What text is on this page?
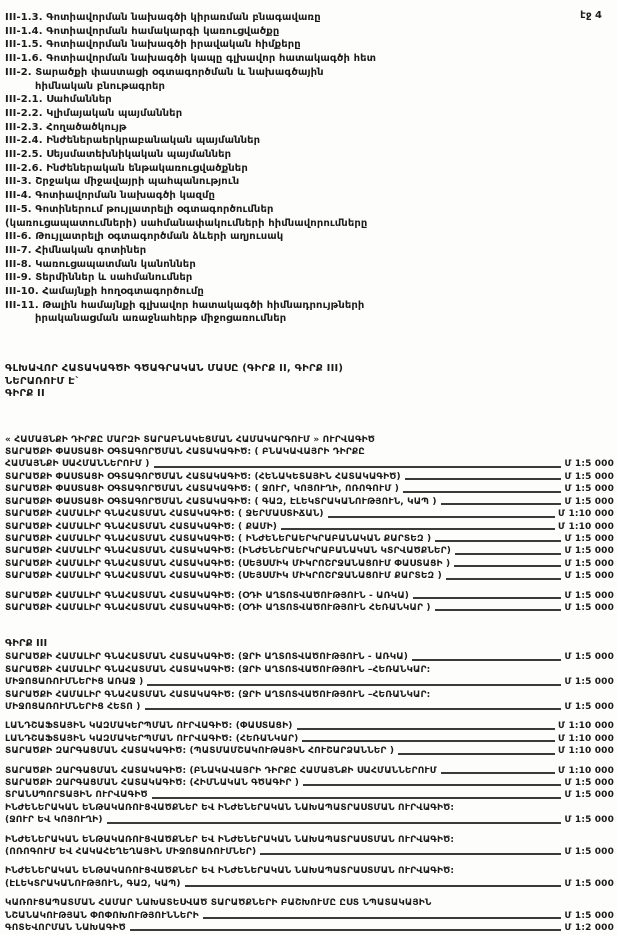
էջ 4
III-1.3. Գոտիավորման նախագծի կիրառման բնագավառը
III-1.4. Գոտիավորման համակարգի կառուցվածքը
III-1.5. Գոտիավորման նախագծի իրավական հիմքերը
III-1.6. Գոտիավորման նախագծի կապը գլխավոր հատակագծի հետ
III-2. Տարածքի փաստացի օգտագործման և նախագծային
հիմնական բնութագրեր
III-2.1. Սահմաններ
III-2.2. Կլիմայական պայմաններ
III-2.3. Հողածածկույթ
III-2.4. Ինժեներաերկրաբանական պայմաններ
III-2.5. Սեյսմատեխնիկական պայմաններ
III-2.6. Ինժեներական ենթակառուցվածքներ
III-3. Շրջակա միջավայրի պահպանություն
III-4. Գոտիավորման նախագծի կազմը
III-5. Գոտիներում թույլատրելի օգտագործումներ
(կառուցապատումների) սահմանափակումների հիմնավորումները
III-6. Թույլատրելի օգտագործման ձևերի աղյուսակ
III-7. Հիմնական գոտիներ
III-8. Կառուցապատման կանոններ
III-9. Տերմիններ և սահմանումներ
III-10. Համայնքի հողօգտագործումը
III-11. Թալին համայնքի գլխավոր հատակագծի հիմնադրույթների
իրականացման առաջնահերթ միջոցառումներ
ԳԼԽԱՎՈՐ ՀԱՏԱԿԱԳԾԻ ԳԾԱԳՐԱԿԱՆ ՄԱՍԸ (ԳԻՐՔ II, ԳԻՐՔ III)
ՆԵՐԱՌՈՒՄ Է`
ԳԻՐՔ II
« ՀԱՄԱՅՆՔԻ ԴԻՐՔԸ ՄԱՐԶԻ ՏԱՐԱԲՆԱԿԵՑՄԱՆ ՀԱՄԱԿԱՐԳՈՒՄ » ՈՒՐՎԱԳԻԾ
ՏԱՐԱԾՔԻ ՓԱՍՏԱՑԻ ՕԳՏԱԳՈՐԾՄԱՆ ՀԱՏԱԿԱԳԻԾ: ( ԲՆԱԿԱՎԱՅՐԻ ԴԻՐՔԸ
ՀԱՄԱՅՆՔԻ ՍԱՀՄԱՆՆԵՐՈՒՄ )	Մ 1:5 000
ՏԱՐԱԾՔԻ ՓԱՍՏԱՑԻ ՕԳՏԱԳՈՐԾՄԱՆ ՀԱՏԱԿԱԳԻԾ: (ՀԵՆԱԿԵՏԱՅԻՆ ՀԱՏԱԿԱԳԻԾ)	Մ 1:5 000
ՏԱՐԱԾՔԻ ՓԱՍՏԱՑԻ ՕԳՏԱԳՈՐԾՄԱՆ ՀԱՏԱԿԱԳԻԾ: ( ՋՈՒՐ, ԿՈՅՈՒՂԻ, ՈՌՈԳՈՒՄ )	Մ 1:5 000
ՏԱՐԱԾՔԻ ՓԱՍՏԱՑԻ ՕԳՏԱԳՈՐԾՄԱՆ ՀԱՏԱԿԱԳԻԾ: ( ԳԱԶ, ԷԼԵԿՏՐԱԿԱՆՈՒԹՅՈՒՆ, ԿԱՊ )	Մ 1:5 000
ՏԱՐԱԾՔԻ ՀԱՄԱԼԻՐ ԳՆԱՀԱՏՄԱՆ ՀԱՏԱԿԱԳԻԾ: ( ՋԵՐՄԱՍՏԻՃԱՆ)	Մ 1:10 000
ՏԱՐԱԾՔԻ ՀԱՄԱԼԻՐ ԳՆԱՀԱՏՄԱՆ ՀԱՏԱԿԱԳԻԾ: ( ՔԱՄԻ)	Մ 1:10 000
ՏԱՐԱԾՔԻ ՀԱՄԱԼԻՐ ԳՆԱՀԱՏՄԱՆ ՀԱՏԱԿԱԳԻԾ: ( ԻՆԺԵՆԵՐԱԵՐԿՐԱԲԱՆԱԿԱՆ ՔԱՐՏԵԶ )	Մ 1:5 000
ՏԱՐԱԾՔԻ ՀԱՄԱԼԻՐ ԳՆԱՀԱՏՄԱՆ ՀԱՏԱԿԱԳԻԾ: (ԻՆԺԵՆԵՐԱԵՐԿՐԱԲԱՆԱԿԱՆ ԿՏՐՎԱԾՔՆԵՐ)	Մ 1:5 000
ՏԱՐԱԾՔԻ ՀԱՄԱԼԻՐ ԳՆԱՀԱՏՄԱՆ ՀԱՏԱԿԱԳԻԾ: (ՍԵՅՍՄԻԿ ՄԻԿՐՈՇՐՋԱՆԱՑՈՒՄ ՓԱՍՏԱՑԻ )	Մ 1:5 000
ՏԱՐԱԾՔԻ ՀԱՄԱԼԻՐ ԳՆԱՀԱՏՄԱՆ ՀԱՏԱԿԱԳԻԾ: (ՍԵՅՍՄԻԿ ՄԻԿՐՈՇՐՋԱՆԱՑՈՒՄ ՔԱՐՏԵԶ )	Մ 1:5 000
ՏԱՐԱԾՔԻ ՀԱՄԱԼԻՐ ԳՆԱՀԱՏՄԱՆ ՀԱՏԱԿԱԳԻԾ: (ՕԴԻ ԱՂՏՈՏՎԱԾՈՒԹՅՈՒՆ - ԱՌԿԱ)	Մ 1:5 000
ՏԱՐԱԾՔԻ ՀԱՄԱԼԻՐ ԳՆԱՀԱՏՄԱՆ ՀԱՏԱԿԱԳԻԾ: (ՕԴԻ ԱՂՏՈՏՎԱԾՈՒԹՅՈՒՆ ՀԵՌԱՆԿԱՐ )	Մ 1:5 000
ԳԻՐՔ III
ՏԱՐԱԾՔԻ ՀԱՄԱԼԻՐ ԳՆԱՀԱՏՄԱՆ ՀԱՏԱԿԱԳԻԾ: (ՋՐԻ ԱՂՏՈՏՎԱԾՈՒԹՅՈՒՆ - ԱՌԿԱ)	Մ 1:5 000
ՏԱՐԱԾՔԻ ՀԱՄԱԼԻՐ ԳՆԱՀԱՏՄԱՆ ՀԱՏԱԿԱԳԻԾ: (ՋՐԻ ԱՂՏՈՏՎԱԾՈՒԹՅՈՒՆ –ՀԵՌԱՆԿԱՐ:
ՄԻՋՈՑԱՌՈՒՄՆԵՐԻՑ ԱՌԱՋ )	Մ 1:5 000
ՏԱՐԱԾՔԻ ՀԱՄԱԼԻՐ ԳՆԱՀԱՏՄԱՆ ՀԱՏԱԿԱԳԻԾ: (ՋՐԻ ԱՂՏՈՏՎԱԾՈՒԹՅՈՒՆ –ՀԵՌԱՆԿԱՐ:
ՄԻՋՈՑԱՌՈՒՄՆԵՐԻՑ ՀԵՏՈ )	Մ 1:5 000
ԼԱՆԴՇԱՖՏԱՅԻՆ ԿԱԶՄԱԿԵՐՊՄԱՆ ՈՒՐՎԱԳԻԾ: (ՓԱՍՏԱՑԻ)	Մ 1:10 000
ԼԱՆԴՇԱՖՏԱՅԻՆ ԿԱԶՄԱԿԵՐՊՄԱՆ ՈՒՐՎԱԳԻԾ: (ՀԵՌԱՆԿԱՐ)	Մ 1:10 000
ՏԱՐԱԾՔԻ ԶԱՐԳԱՑՄԱՆ ՀԱՏԱԿԱԳԻԾ: (ՊԱՏՄԱՄՇԱԿՈՒԹԱՅԻՆ ՀՈՒՇԱՐՁԱՆՆԵՐ )	Մ 1:10 000
ՏԱՐԱԾՔԻ ԶԱՐԳԱՑՄԱՆ ՀԱՏԱԿԱԳԻԾ: (ԲՆԱԿԱՎԱՅՐԻ ԴԻՐՔԸ ՀԱՄԱՅՆՔԻ ՍԱՀՄԱՆՆԵՐՈՒՄ	Մ 1:10 000
ՏԱՐԱԾՔԻ ԶԱՐԳԱՑՄԱՆ ՀԱՏԱԿԱԳԻԾ: (ՀԻՄՆԱԿԱՆ ԳԾԱԳԻՐ )	Մ 1:5 000
ՏՐԱՆՍՊՈՐՏԱՅԻՆ ՈՒՐՎԱԳԻԾ	Մ 1:5 000
ԻՆԺԵՆԵՐԱԿԱՆ ԵՆԹԱԿԱՌՈՒՑՎԱԾՔՆԵՐ ԵՎ ԻՆԺԵՆԵՐԱԿԱՆ ՆԱԽԱՊԱՏՐԱՍՏՄԱՆ ՈՒՐՎԱԳԻԾ:
(ՋՈՒՐ ԵՎ ԿՈՅՈՒՂԻ)	Մ 1:5 000
ԻՆԺԵՆԵՐԱԿԱՆ ԵՆԹԱԿԱՌՈՒՑՎԱԾՔՆԵՐ ԵՎ ԻՆԺԵՆԵՐԱԿԱՆ ՆԱԽԱՊԱՏՐԱՍՏՄԱՆ ՈՒՐՎԱԳԻԾ:
(ՈՌՈԳՈՒՄ ԵՎ ՀԱԿԱՀԵՂԵՂԱՅԻՆ ՄԻՋՈՑԱՌՈՒՄՆԵՐ)	Մ 1:5 000
ԻՆԺԵՆԵՐԱԿԱՆ ԵՆԹԱԿԱՌՈՒՑՎԱԾՔՆԵՐ ԵՎ ԻՆԺԵՆԵՐԱԿԱՆ ՆԱԽԱՊԱՏՐԱՍՏՄԱՆ ՈՒՐՎԱԳԻԾ:
(ԷԼԵԿՏՐԱԿԱՆՈՒԹՅՈՒՆ, ԳԱԶ, ԿԱՊ)	Մ 1:5 000
ԿԱՌՈՒՑԱՊԱՏՄԱՆ ՀԱՄԱՐ ՆԱԽԱՏԵՍՎԱԾ ՏԱՐԱԾՔՆԵՐԻ ԲԱՇԽՈՒՄԸ ԸՍՏ ՆՊԱՏԱԿԱՅԻՆ
ՆՇԱՆԱԿՈՒԹՅԱՆ ՓՈՓՈԽՈՒԹՅՈՒՆՆԵՐԻ	Մ 1:5 000
ԳՈՏԵՎՈՐՄԱՆ ՆԱԽԱԳԻԾ	Մ 1:2 000
